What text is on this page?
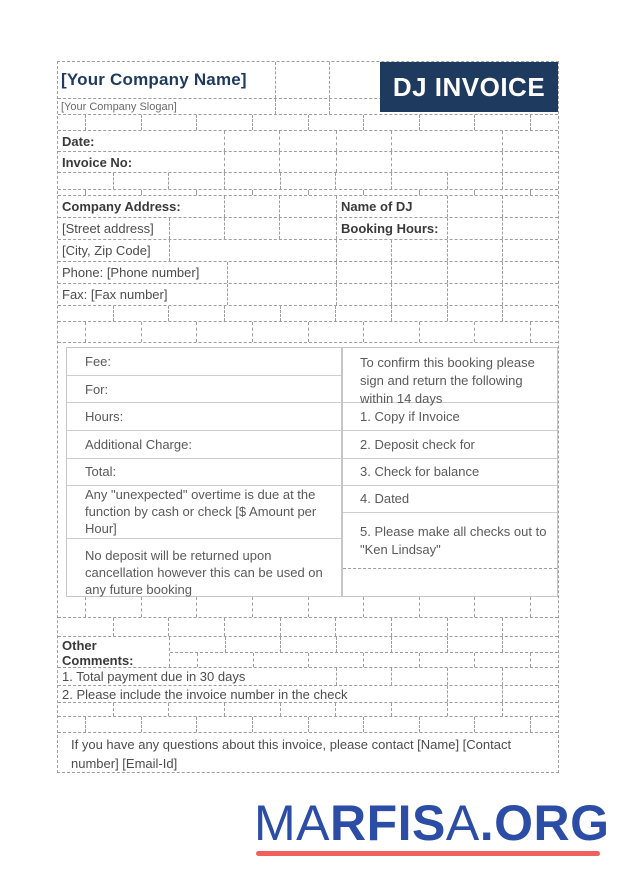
[Your Company Name]
[Your Company Slogan]
DJ INVOICE
Date:
Invoice No:
Company Address:	Name of DJ
[Street address]	Booking Hours:
[City, Zip Code]
Phone: [Phone number]
Fax: [Fax number]
Fee:
For:
Hours:
Additional Charge:
Total:
Any "unexpected" overtime is due at the function by cash or check [$ Amount per Hour]
No deposit will be returned upon cancellation however this can be used on any future booking
To confirm this booking please sign and return the following within 14 days
1. Copy if Invoice
2. Deposit check for
3. Check for balance
4. Dated
5. Please make all checks out to "Ken Lindsay"
Other
Comments:
1. Total payment due in 30 days
2. Please include the invoice number in the check
If you have any questions about this invoice, please contact [Name] [Contact number] [Email-Id]
MARFISA.ORG
